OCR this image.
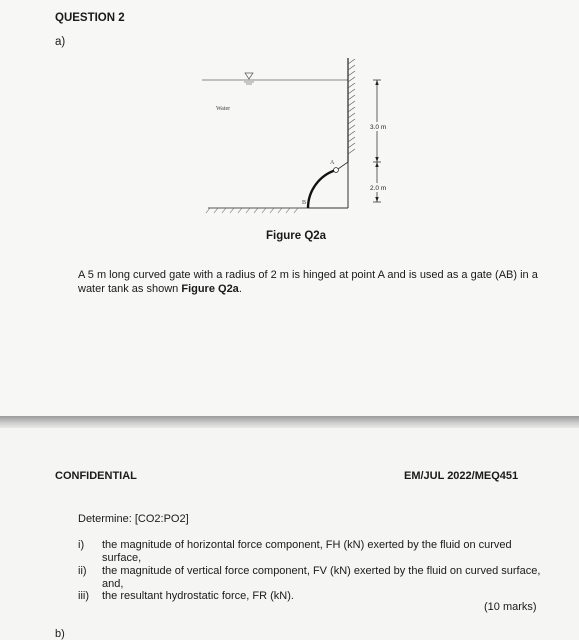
QUESTION 2
a)
Water
A
B
3.0 m
2.0 m
Figure Q2a
A 5 m long curved gate with a radius of 2 m is hinged at point A and is used as a gate (AB) in a water tank as shown Figure Q2a.
CONFIDENTIAL	EM/JUL 2022/MEQ451
Determine: [CO2:PO2]
i)	the magnitude of horizontal force component, FH (kN) exerted by the fluid on curved surface,
ii)	the magnitude of vertical force component, FV (kN) exerted by the fluid on curved surface, and,
iii)	the resultant hydrostatic force, FR (kN).
(10 marks)
b)
